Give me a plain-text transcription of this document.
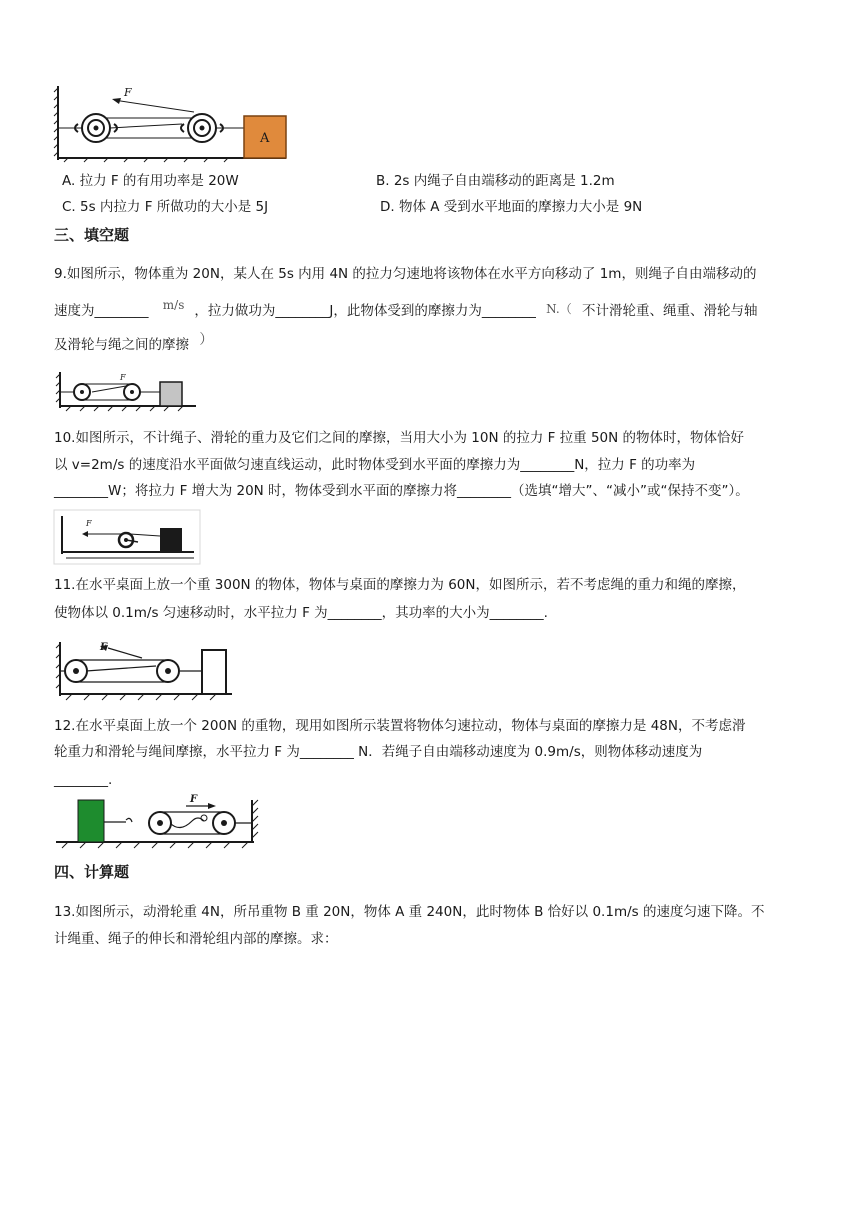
F
A
A. 拉力 F 的有用功率是 20W	B. 2s 内绳子自由端移动的距离是 1.2m
C. 5s 内拉力 F 所做功的大小是 5J	D. 物体 A 受到水平地面的摩擦力大小是 9N
三、填空题
9.如图所示，物体重为 20N，某人在 5s 内用 4N 的拉力匀速地将该物体在水平方向移动了 1m，则绳子自由端移动的
速度为________ m/s ，拉力做功为________J，此物体受到的摩擦力为________ N.（ 不计滑轮重、绳重、滑轮与轴
及滑轮与绳之间的摩擦 ）
F
10.如图所示，不计绳子、滑轮的重力及它们之间的摩擦，当用大小为 10N 的拉力 F 拉重 50N 的物体时，物体恰好
以 v=2m/s 的速度沿水平面做匀速直线运动，此时物体受到水平面的摩擦力为________N，拉力 F 的功率为
________W；将拉力 F 增大为 20N 时，物体受到水平面的摩擦力将________（选填“增大”、“减小”或“保持不变”）。
F
11.在水平桌面上放一个重 300N 的物体，物体与桌面的摩擦力为 60N，如图所示，若不考虑绳的重力和绳的摩擦，
使物体以 0.1m/s 匀速移动时，水平拉力 F 为________，其功率的大小为________.
F
12.在水平桌面上放一个 200N 的重物，现用如图所示装置将物体匀速拉动，物体与桌面的摩擦力是 48N，不考虑滑
轮重力和滑轮与绳间摩擦，水平拉力 F 为________ N．若绳子自由端移动速度为 0.9m/s，则物体移动速度为
________.
F
四、计算题
13.如图所示，动滑轮重 4N，所吊重物 B 重 20N，物体 A 重 240N，此时物体 B 恰好以 0.1m/s 的速度匀速下降。不
计绳重、绳子的伸长和滑轮组内部的摩擦。求：
